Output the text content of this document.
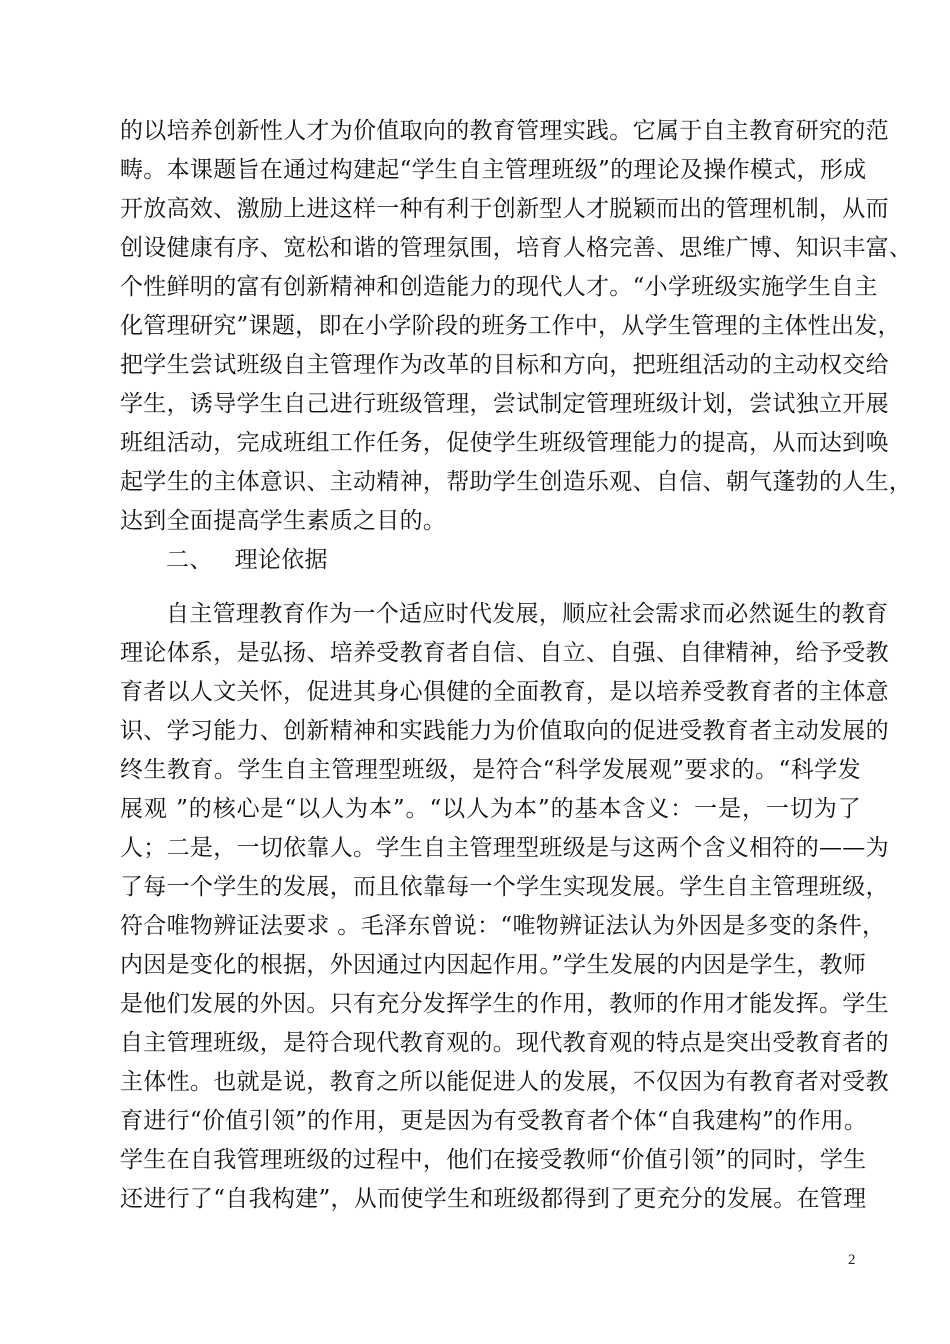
的以培养创新性人才为价值取向的教育管理实践。它属于自主教育研究的范
畴。本课题旨在通过构建起“学生自主管理班级”的理论及操作模式，形成
开放高效、激励上进这样一种有利于创新型人才脱颖而出的管理机制，从而
创设健康有序、宽松和谐的管理氛围，培育人格完善、思维广博、知识丰富、
个性鲜明的富有创新精神和创造能力的现代人才。“小学班级实施学生自主
化管理研究”课题，即在小学阶段的班务工作中，从学生管理的主体性出发，
把学生尝试班级自主管理作为改革的目标和方向，把班组活动的主动权交给
学生，诱导学生自己进行班级管理，尝试制定管理班级计划，尝试独立开展
班组活动，完成班组工作任务，促使学生班级管理能力的提高，从而达到唤
起学生的主体意识、主动精神，帮助学生创造乐观、自信、朝气蓬勃的人生，
达到全面提高学生素质之目的。
二、 理论依据
自主管理教育作为一个适应时代发展，顺应社会需求而必然诞生的教育
理论体系，是弘扬、培养受教育者自信、自立、自强、自律精神，给予受教
育者以人文关怀，促进其身心俱健的全面教育，是以培养受教育者的主体意
识、学习能力、创新精神和实践能力为价值取向的促进受教育者主动发展的
终生教育。学生自主管理型班级，是符合“科学发展观”要求的。“科学发
展观 ”的核心是“以人为本”。“以人为本”的基本含义：一是，一切为了
人；二是，一切依靠人。学生自主管理型班级是与这两个含义相符的——为
了每一个学生的发展，而且依靠每一个学生实现发展。学生自主管理班级，
符合唯物辨证法要求 。毛泽东曾说：“唯物辨证法认为外因是多变的条件，
内因是变化的根据，外因通过内因起作用。”学生发展的内因是学生，教师
是他们发展的外因。只有充分发挥学生的作用，教师的作用才能发挥。学生
自主管理班级，是符合现代教育观的。现代教育观的特点是突出受教育者的
主体性。也就是说，教育之所以能促进人的发展，不仅因为有教育者对受教
育进行“价值引领”的作用，更是因为有受教育者个体“自我建构”的作用。
学生在自我管理班级的过程中，他们在接受教师“价值引领”的同时，学生
还进行了“自我构建”，从而使学生和班级都得到了更充分的发展。在管理
2
